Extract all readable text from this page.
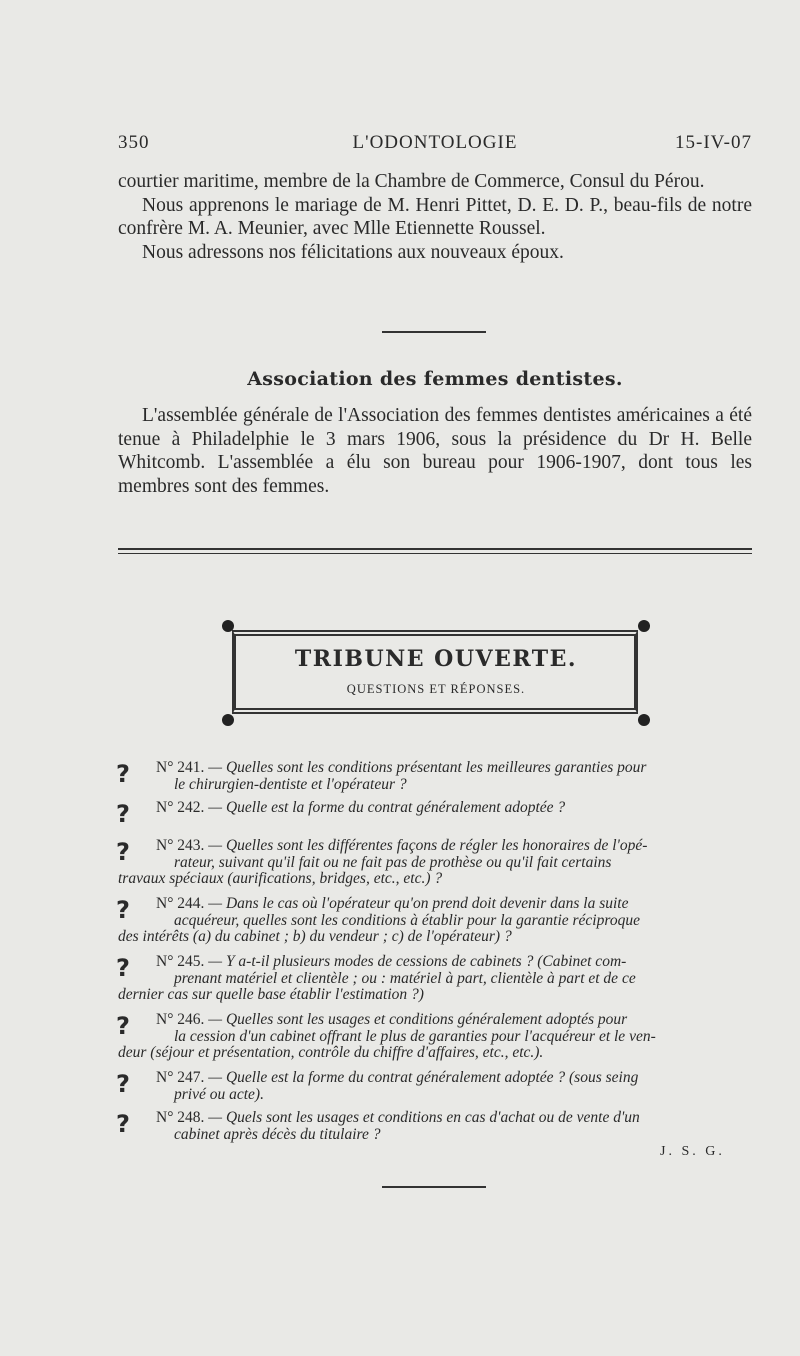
350	L'ODONTOLOGIE	15-IV-07

courtier maritime, membre de la Chambre de Commerce, Consul du Pérou.

Nous apprenons le mariage de M. Henri Pittet, D. E. D. P., beau-fils de notre confrère M. A. Meunier, avec Mlle Etiennette Roussel.

Nous adressons nos félicitations aux nouveaux époux.

Association des femmes dentistes.

L'assemblée générale de l'Association des femmes dentistes américaines a été tenue à Philadelphie le 3 mars 1906, sous la présidence du Dr H. Belle Whitcomb. L'assemblée a élu son bureau pour 1906-1907, dont tous les membres sont des femmes.

TRIBUNE OUVERTE.
QUESTIONS ET RÉPONSES.
? N° 241. — Quelles sont les conditions présentant les meilleures garanties pour
le chirurgien-dentiste et l'opérateur ?
? N° 242. — Quelle est la forme du contrat généralement adoptée ?
? N° 243. — Quelles sont les différentes façons de régler les honoraires de l'opé-
rateur, suivant qu'il fait ou ne fait pas de prothèse ou qu'il fait certains
travaux spéciaux (aurifications, bridges, etc., etc.) ?
? N° 244. — Dans le cas où l'opérateur qu'on prend doit devenir dans la suite
acquéreur, quelles sont les conditions à établir pour la garantie réciproque
des intérêts (a) du cabinet ; b) du vendeur ; c) de l'opérateur) ?
? N° 245. — Y a-t-il plusieurs modes de cessions de cabinets ? (Cabinet com-
prenant matériel et clientèle ; ou : matériel à part, clientèle à part et de ce
dernier cas sur quelle base établir l'estimation ?)
? N° 246. — Quelles sont les usages et conditions généralement adoptés pour
la cession d'un cabinet offrant le plus de garanties pour l'acquéreur et le ven-
deur (séjour et présentation, contrôle du chiffre d'affaires, etc., etc.).
? N° 247. — Quelle est la forme du contrat généralement adoptée ? (sous seing
privé ou acte).
? N° 248. — Quels sont les usages et conditions en cas d'achat ou de vente d'un
cabinet après décès du titulaire ?
J. S. G.
